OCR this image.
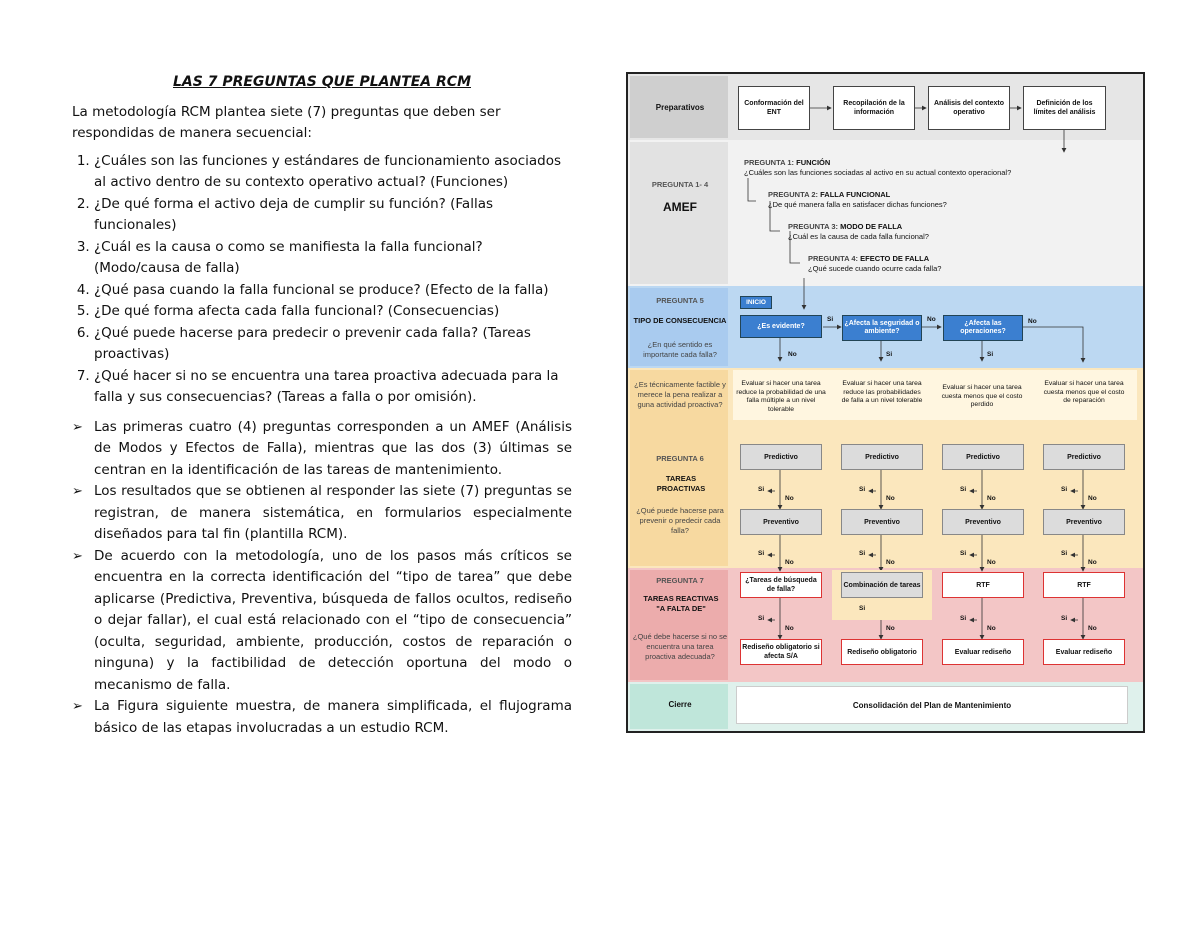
LAS 7 PREGUNTAS QUE PLANTEA RCM
La metodología RCM plantea siete (7) preguntas que deben ser respondidas de manera secuencial:
1. ¿Cuáles son las funciones y estándares de funcionamiento asociados al activo dentro de su contexto operativo actual? (Funciones)
2. ¿De qué forma el activo deja de cumplir su función? (Fallas funcionales)
3. ¿Cuál es la causa o como se manifiesta la falla funcional? (Modo/causa de falla)
4. ¿Qué pasa cuando la falla funcional se produce? (Efecto de la falla)
5. ¿De qué forma afecta cada falla funcional? (Consecuencias)
6. ¿Qué puede hacerse para predecir o prevenir cada falla? (Tareas proactivas)
7. ¿Qué hacer si no se encuentra una tarea proactiva adecuada para la falla y sus consecuencias? (Tareas a falla o por omisión).
➢ Las primeras cuatro (4) preguntas corresponden a un AMEF (Análisis de Modos y Efectos de Falla), mientras que las dos (3) últimas se centran en la identificación de las tareas de mantenimiento.
➢ Los resultados que se obtienen al responder las siete (7) preguntas se registran, de manera sistemática, en formularios especialmente diseñados para tal fin (plantilla RCM).
➢ De acuerdo con la metodología, uno de los pasos más críticos se encuentra en la correcta identificación del “tipo de tarea” que debe aplicarse (Predictiva, Preventiva, búsqueda de fallos ocultos, rediseño o dejar fallar), el cual está relacionado con el “tipo de consecuencia” (oculta, seguridad, ambiente, producción, costos de reparación o ninguna) y la factibilidad de detección oportuna del modo o mecanismo de falla.
➢ La Figura siguiente muestra, de manera simplificada, el flujograma básico de las etapas involucradas a un estudio RCM.
Preparativos	Conformación del ENT
Recopilación de la información
Análisis del contexto operativo
Definición de los límites del análisis
PREGUNTA 1- 4
AMEF
PREGUNTA 1: FUNCIÓN
¿Cuáles son las funciones sociadas al activo en su actual contexto operacional?
PREGUNTA 2: FALLA FUNCIONAL
¿De qué manera falla en satisfacer dichas funciones?
PREGUNTA 3: MODO DE FALLA
¿Cuál es la causa de cada falla funcional?
PREGUNTA 4: EFECTO DE FALLA
¿Qué sucede cuando ocurre cada falla?
PREGUNTA 5
TIPO DE CONSECUENCIA
¿En qué sentido es importante cada falla?
INICIO
¿Es evidente?	¿Afecta la seguridad o ambiente?
¿Afecta las operaciones?
Si	No	No
No	Si	Si
¿Es técnicamente factible y merece la pena realizar a guna actividad proactiva?
Evaluar si hacer una tarea reduce la probabilidad de una falla múltiple a un nivel tolerable
Evaluar si hacer una tarea reduce las probabilidades de falla a un nivel tolerable
Evaluar si hacer una tarea cuesta menos que el costo perdido
Evaluar si hacer una tarea cuesta menos que el costo de reparación
PREGUNTA 6
TAREAS PROACTIVAS
¿Qué puede hacerse para prevenir o predecir cada falla?
Predictivo	Predictivo	Predictivo	Predictivo
Preventivo	Preventivo	Preventivo	Preventivo
Si
No
Si
No
Si
No
Si
No
Si
No
Si
No
Si
No
Si
No
PREGUNTA 7
TAREAS REACTIVAS "A FALTA DE"
¿Qué debe hacerse si no se encuentra una tarea proactiva adecuada?
¿Tareas de búsqueda de falla?
Combinación de tareas	RTF	RTF
Si
No
Si
No
Si
No
Si
No
Rediseño obligatorio si afecta S/A
Rediseño obligatorio	Evaluar rediseño	Evaluar rediseño
Cierre	Consolidación del Plan de Mantenimiento
